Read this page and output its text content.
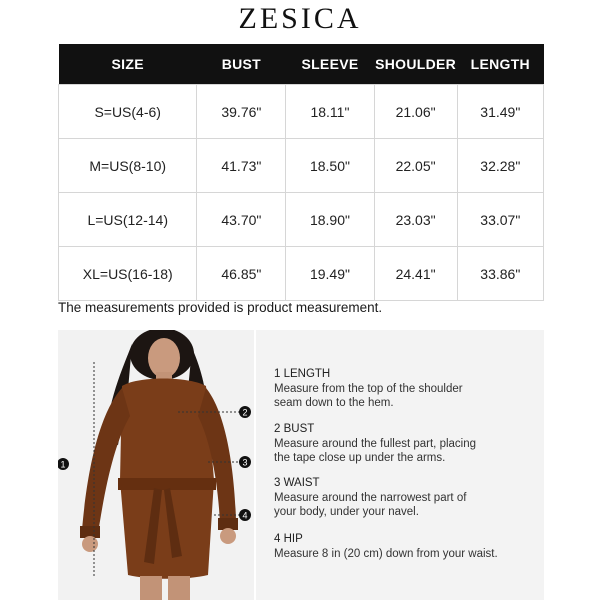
ZESICA
SIZE	BUST	SLEEVE	SHOULDER	LENGTH
S=US(4-6)	39.76"	18.11"	21.06"	31.49"
M=US(8-10)	41.73"	18.50"	22.05"	32.28"
L=US(12-14)	43.70"	18.90"	23.03"	33.07"
XL=US(16-18)	46.85"	19.49"	24.41"	33.86"
The measurements provided is product measurement.
1
2
3
4
1 LENGTH
Measure from the top of the shoulder
seam down to the hem.
2 BUST
Measure around the fullest part, placing
the tape close up under the arms.
3 WAIST
Measure around the narrowest part of
your body, under your navel.
4 HIP
Measure 8 in (20 cm) down from your waist.
